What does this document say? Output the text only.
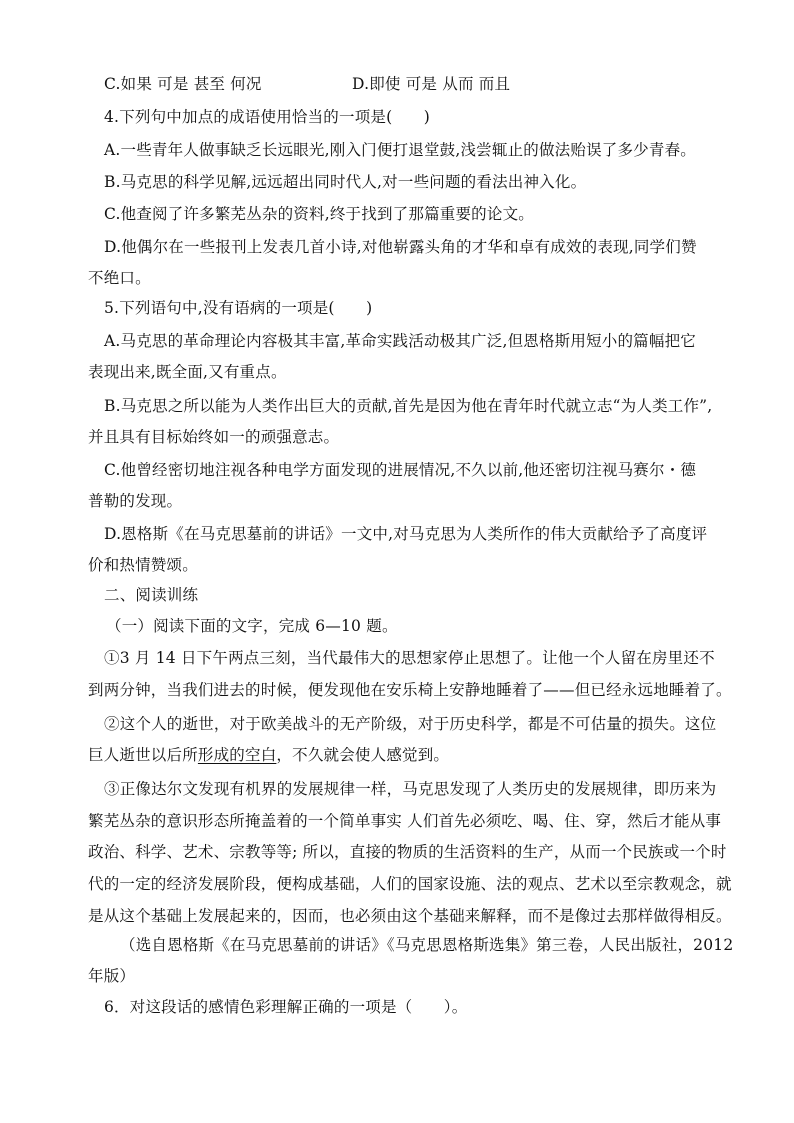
C.如果 可是 甚至 何况	D.即使 可是 从而 而且
4.下列句中加点的成语使用恰当的一项是(　　)
A.一些青年人做事缺乏长远眼光,刚入门便打退堂鼓,浅尝辄止的做法贻误了多少青春。
B.马克思的科学见解,远远超出同时代人,对一些问题的看法出神入化。
C.他查阅了许多繁芜丛杂的资料,终于找到了那篇重要的论文。
D.他偶尔在一些报刊上发表几首小诗,对他崭露头角的才华和卓有成效的表现,同学们赞
不绝口。
5.下列语句中,没有语病的一项是(　　)
A.马克思的革命理论内容极其丰富,革命实践活动极其广泛,但恩格斯用短小的篇幅把它
表现出来,既全面,又有重点。
B.马克思之所以能为人类作出巨大的贡献,首先是因为他在青年时代就立志“为人类工作”,
并且具有目标始终如一的顽强意志。
C.他曾经密切地注视各种电学方面发现的进展情况,不久以前,他还密切注视马赛尔・德
普勒的发现。
D.恩格斯《在马克思墓前的讲话》一文中,对马克思为人类所作的伟大贡献给予了高度评
价和热情赞颂。
二、阅读训练
（一）阅读下面的文字，完成 6—10 题。
①3 月 14 日下午两点三刻，当代最伟大的思想家停止思想了。让他一个人留在房里还不
到两分钟，当我们进去的时候，便发现他在安乐椅上安静地睡着了——但已经永远地睡着了。
②这个人的逝世，对于欧美战斗的无产阶级，对于历史科学，都是不可估量的损失。这位
巨人逝世以后所形成的空白，不久就会使人感觉到。
③正像达尔文发现有机界的发展规律一样，马克思发现了人类历史的发展规律，即历来为
繁芜丛杂的意识形态所掩盖着的一个简单事实 人们首先必须吃、喝、住、穿，然后才能从事
政治、科学、艺术、宗教等等; 所以，直接的物质的生活资料的生产，从而一个民族或一个时
代的一定的经济发展阶段，便构成基础，人们的国家设施、法的观点、艺术以至宗教观念，就
是从这个基础上发展起来的，因而，也必须由这个基础来解释，而不是像过去那样做得相反。
（选自恩格斯《在马克思墓前的讲话》《马克思恩格斯选集》第三卷，人民出版社，2012
年版）
6．对这段话的感情色彩理解正确的一项是（　　）。
